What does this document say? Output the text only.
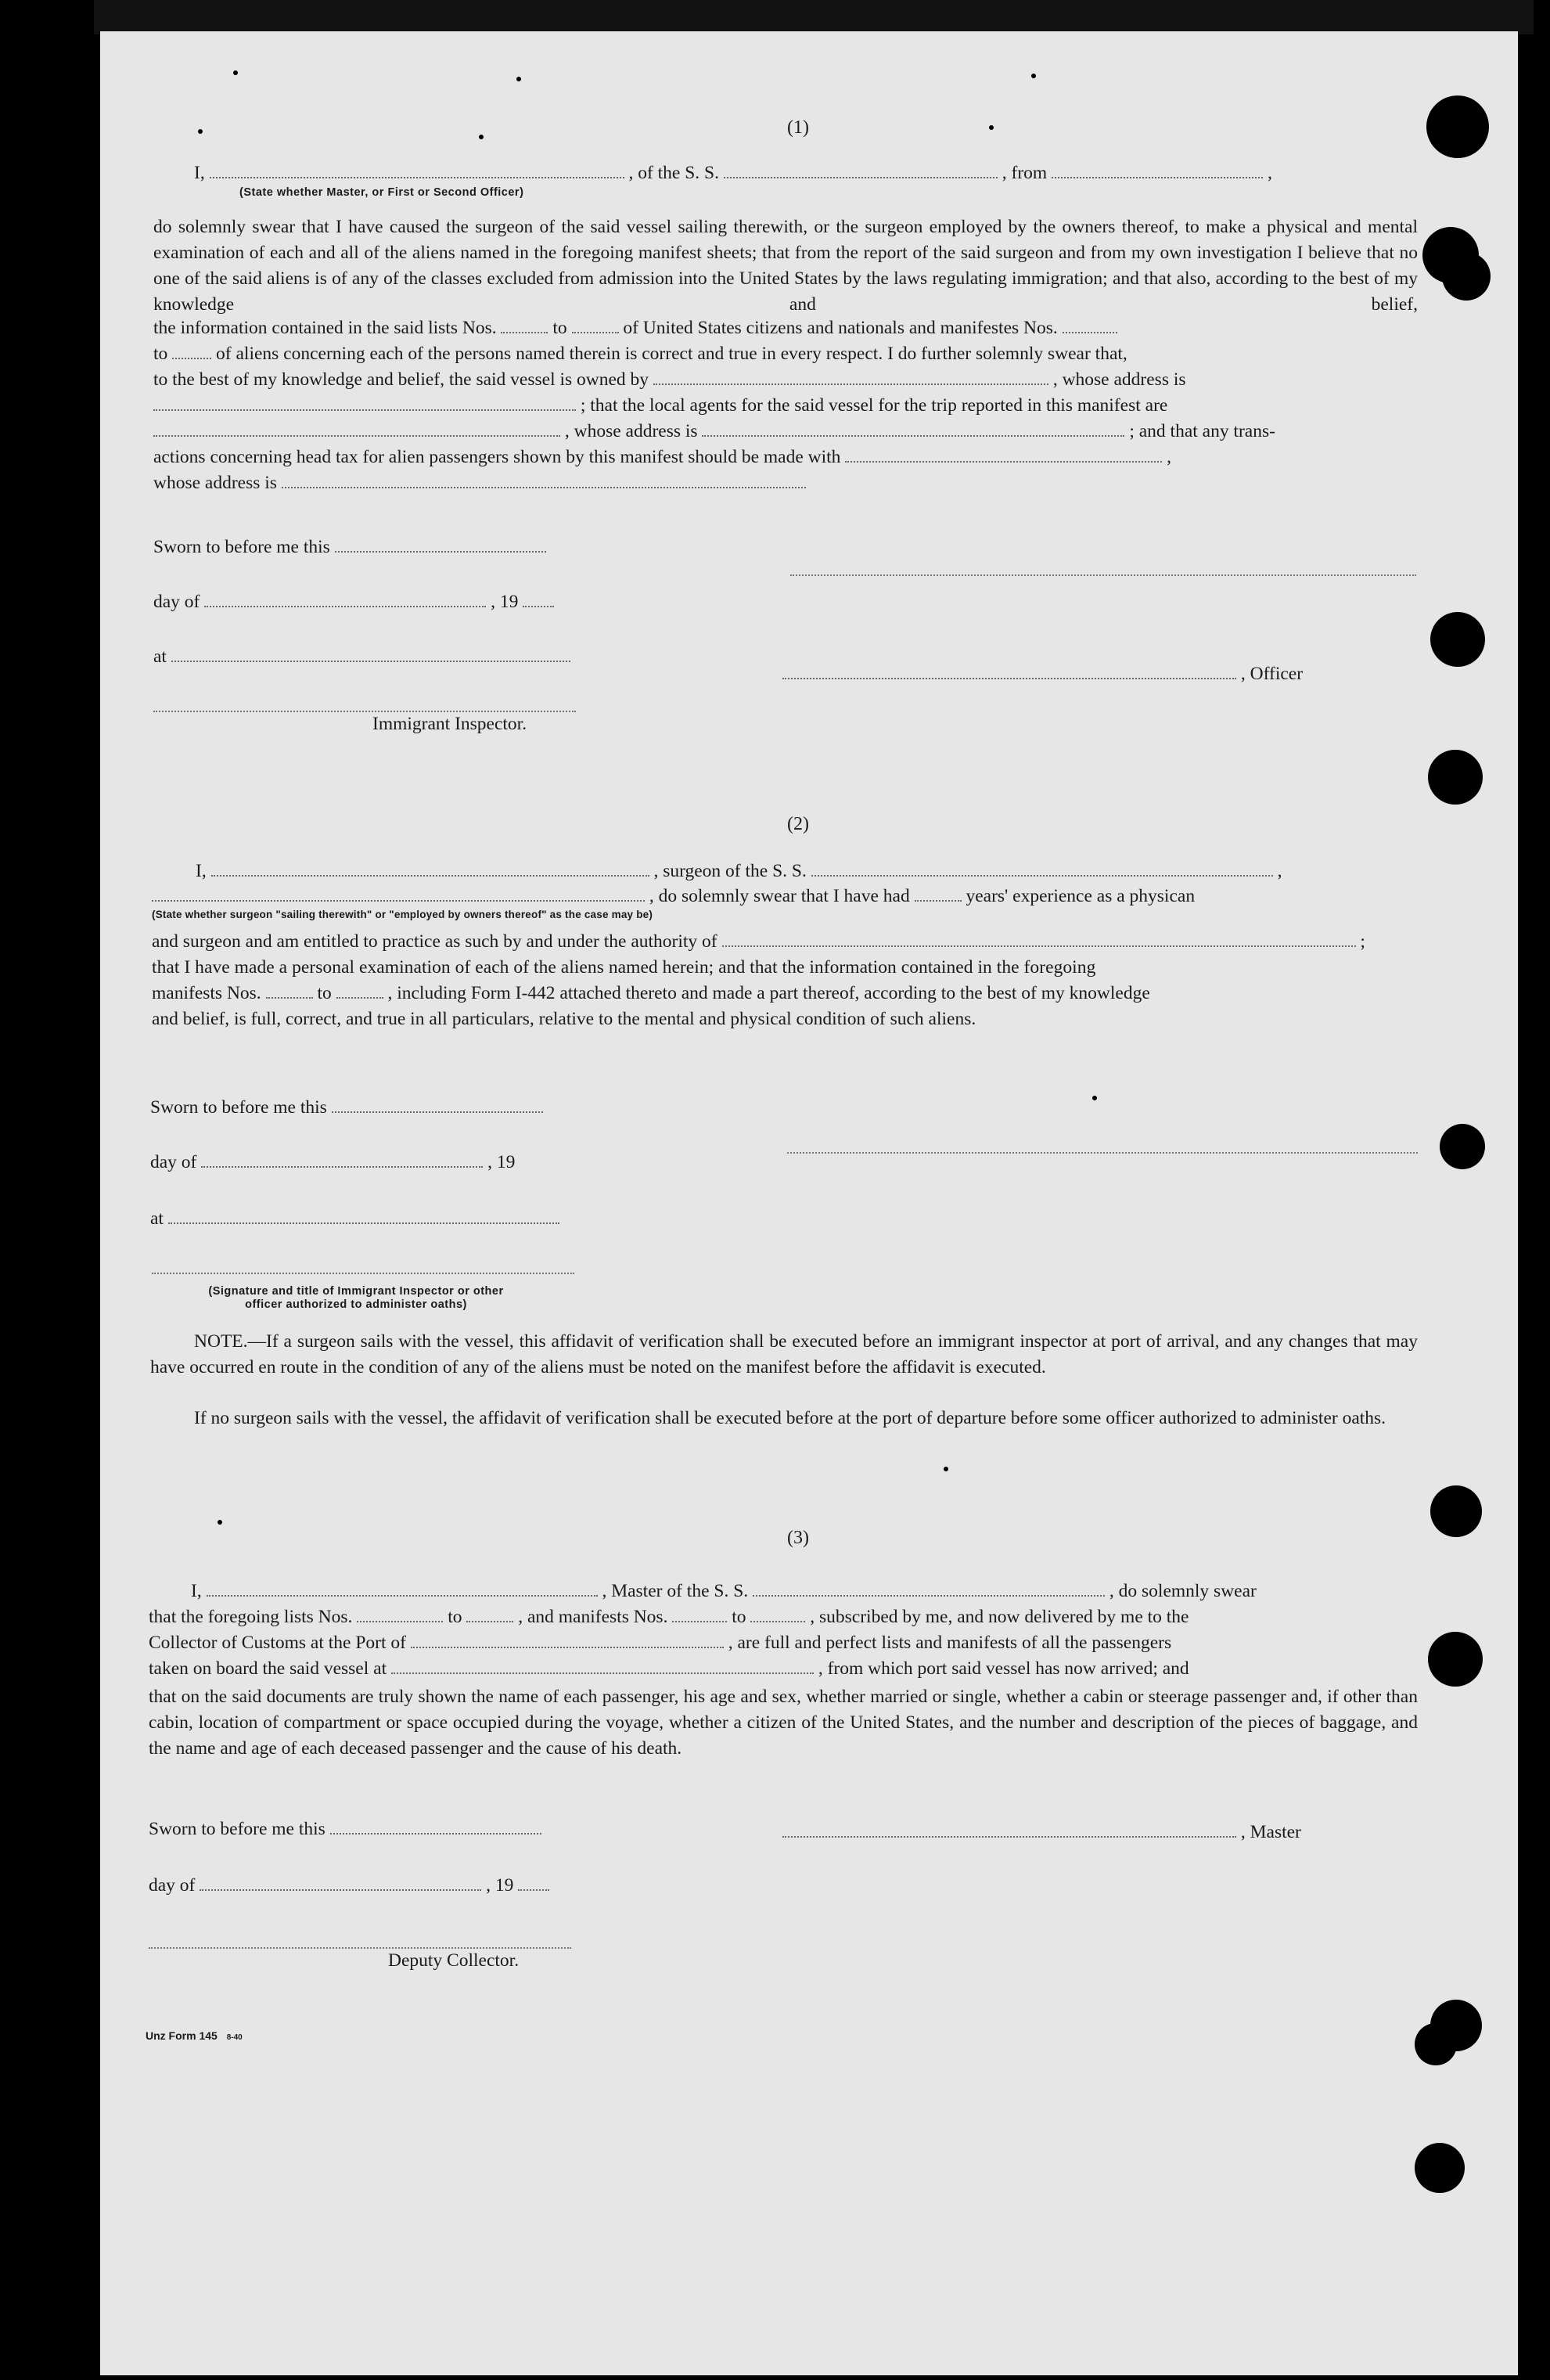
(1)
I,	, of the S. S.	, from	,
(State whether Master, or First or Second Officer)
do solemnly swear that I have caused the surgeon of the said vessel sailing therewith, or the surgeon employed by the owners thereof, to make a physical and mental examination of each and all of the aliens named in the foregoing manifest sheets; that from the report of the said surgeon and from my own investigation I believe that no one of the said aliens is of any of the classes excluded from admission into the United States by the laws regulating immigration; and that also, according to the best of my knowledge and belief,
the information contained in the said lists Nos.	to	of United States citizens and nationals and manifestes Nos.
to	of aliens concerning each of the persons named therein is correct and true in every respect. I do further solemnly swear that,
to the best of my knowledge and belief, the said vessel is owned by	, whose address is
; that the local agents for the said vessel for the trip reported in this manifest are
, whose address is	; and that any trans-
actions concerning head tax for alien passengers shown by this manifest should be made with	,
whose address is
Sworn to before me this
day of	, 19
at
, Officer
Immigrant Inspector.
(2)
I,	, surgeon of the S. S.	,
, do solemnly swear that I have had	years' experience as a physican
(State whether surgeon "sailing therewith" or "employed by owners thereof" as the case may be)
and surgeon and am entitled to practice as such by and under the authority of	;
that I have made a personal examination of each of the aliens named herein; and that the information contained in the foregoing
manifests Nos.	to	, including Form I-442 attached thereto and made a part thereof, according to the best of my knowledge
and belief, is full, correct, and true in all particulars, relative to the mental and physical condition of such aliens.
Sworn to before me this
day of	, 19
at
(Signature and title of Immigrant Inspector or other
officer authorized to administer oaths)
NOTE.—If a surgeon sails with the vessel, this affidavit of verification shall be executed before an immigrant inspector at port of arrival, and any changes that may have occurred en route in the condition of any of the aliens must be noted on the manifest before the affidavit is executed.
If no surgeon sails with the vessel, the affidavit of verification shall be executed before at the port of departure before some officer authorized to administer oaths.
(3)
I,	, Master of the S. S.	, do solemnly swear
that the foregoing lists Nos.	to	, and manifests Nos.	to	, subscribed by me, and now delivered by me to the
Collector of Customs at the Port of	, are full and perfect lists and manifests of all the passengers
taken on board the said vessel at	, from which port said vessel has now arrived; and
that on the said documents are truly shown the name of each passenger, his age and sex, whether married or single, whether a cabin or steerage passenger and, if other than cabin, location of compartment or space occupied during the voyage, whether a citizen of the United States, and the number and description of the pieces of baggage, and the name and age of each deceased passenger and the cause of his death.
Sworn to before me this	, Master
day of	, 19
Deputy Collector.
Unz Form 145 8-40
